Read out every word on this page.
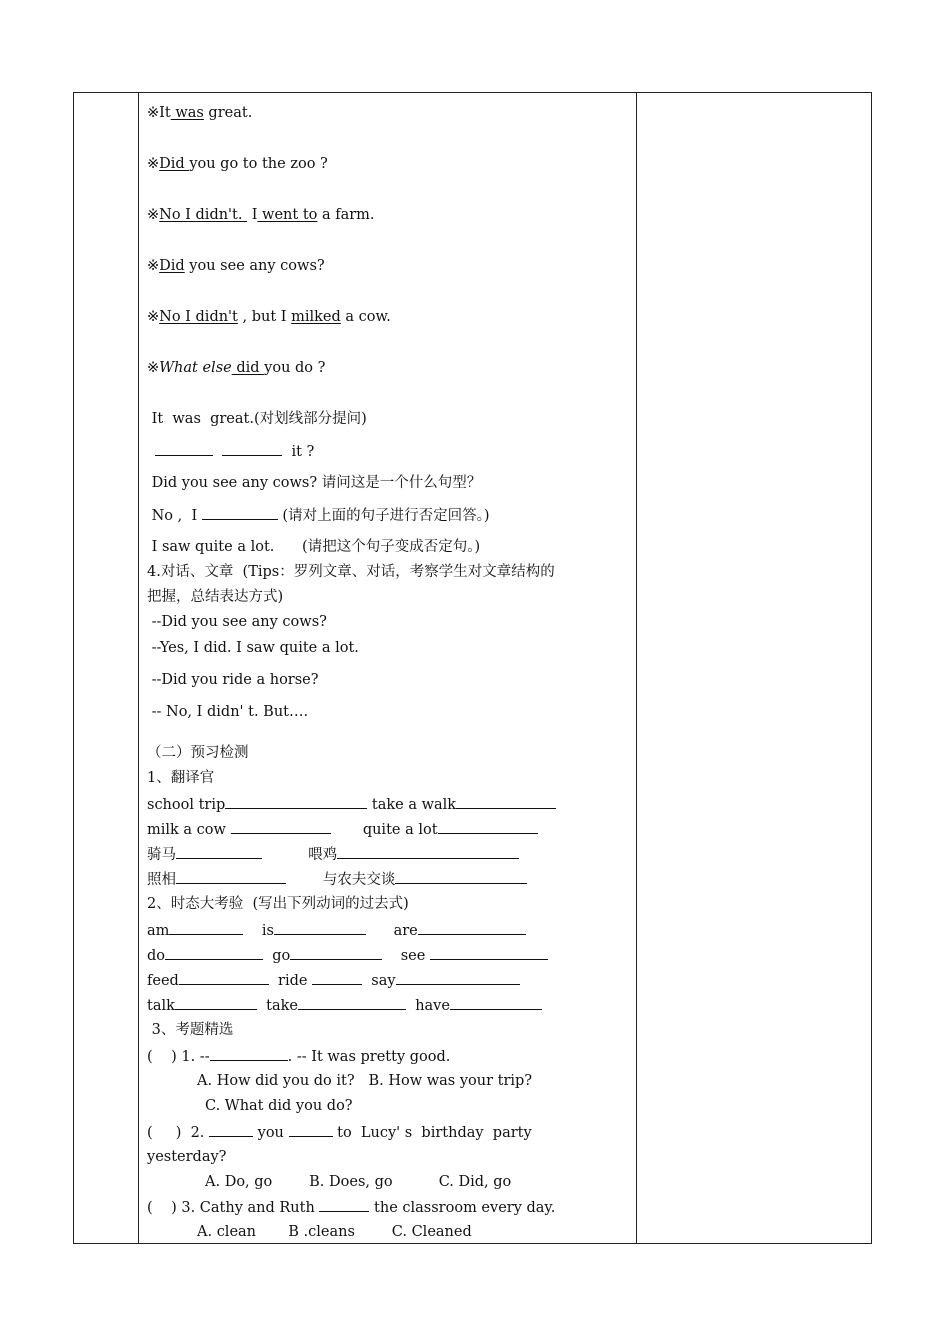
※It was great.
※Did you go to the zoo ?
※No I didn't.  I went to a farm.
※Did you see any cows?
※No I didn't , but I milked a cow.
※What else did you do ?
It  was  great.(对划线部分提问)
it ?
Did you see any cows? 请问这是一个什么句型？
No ,  I	(请对上面的句子进行否定回答。)
I saw quite a lot.      (请把这个句子变成否定句。)
4.对话、文章  (Tips：罗列文章、对话，考察学生对文章结构的
把握，总结表达方式)
--Did you see any cows?
--Yes, I did. I saw quite a lot.
--Did you ride a horse?
-- No, I didn' t. But….
（二）预习检测
1、翻译官
school trip	take a walk
milk a cow	quite a lot
骑马	喂鸡
照相	与农夫交谈
2、时态大考验  (写出下列动词的过去式)
am	is	are
do	go	see
feed	ride	say
talk	take	have
3、考题精选
(    ) 1. --	. -- It was pretty good.
A. How did you do it?   B. How was your trip?
C. What did you do?
(     )  2.	you	to  Lucy' s  birthday  party
yesterday?
A. Do, go        B. Does, go          C. Did, go
(    ) 3. Cathy and Ruth	the classroom every day.
A. clean       B .cleans        C. Cleaned
